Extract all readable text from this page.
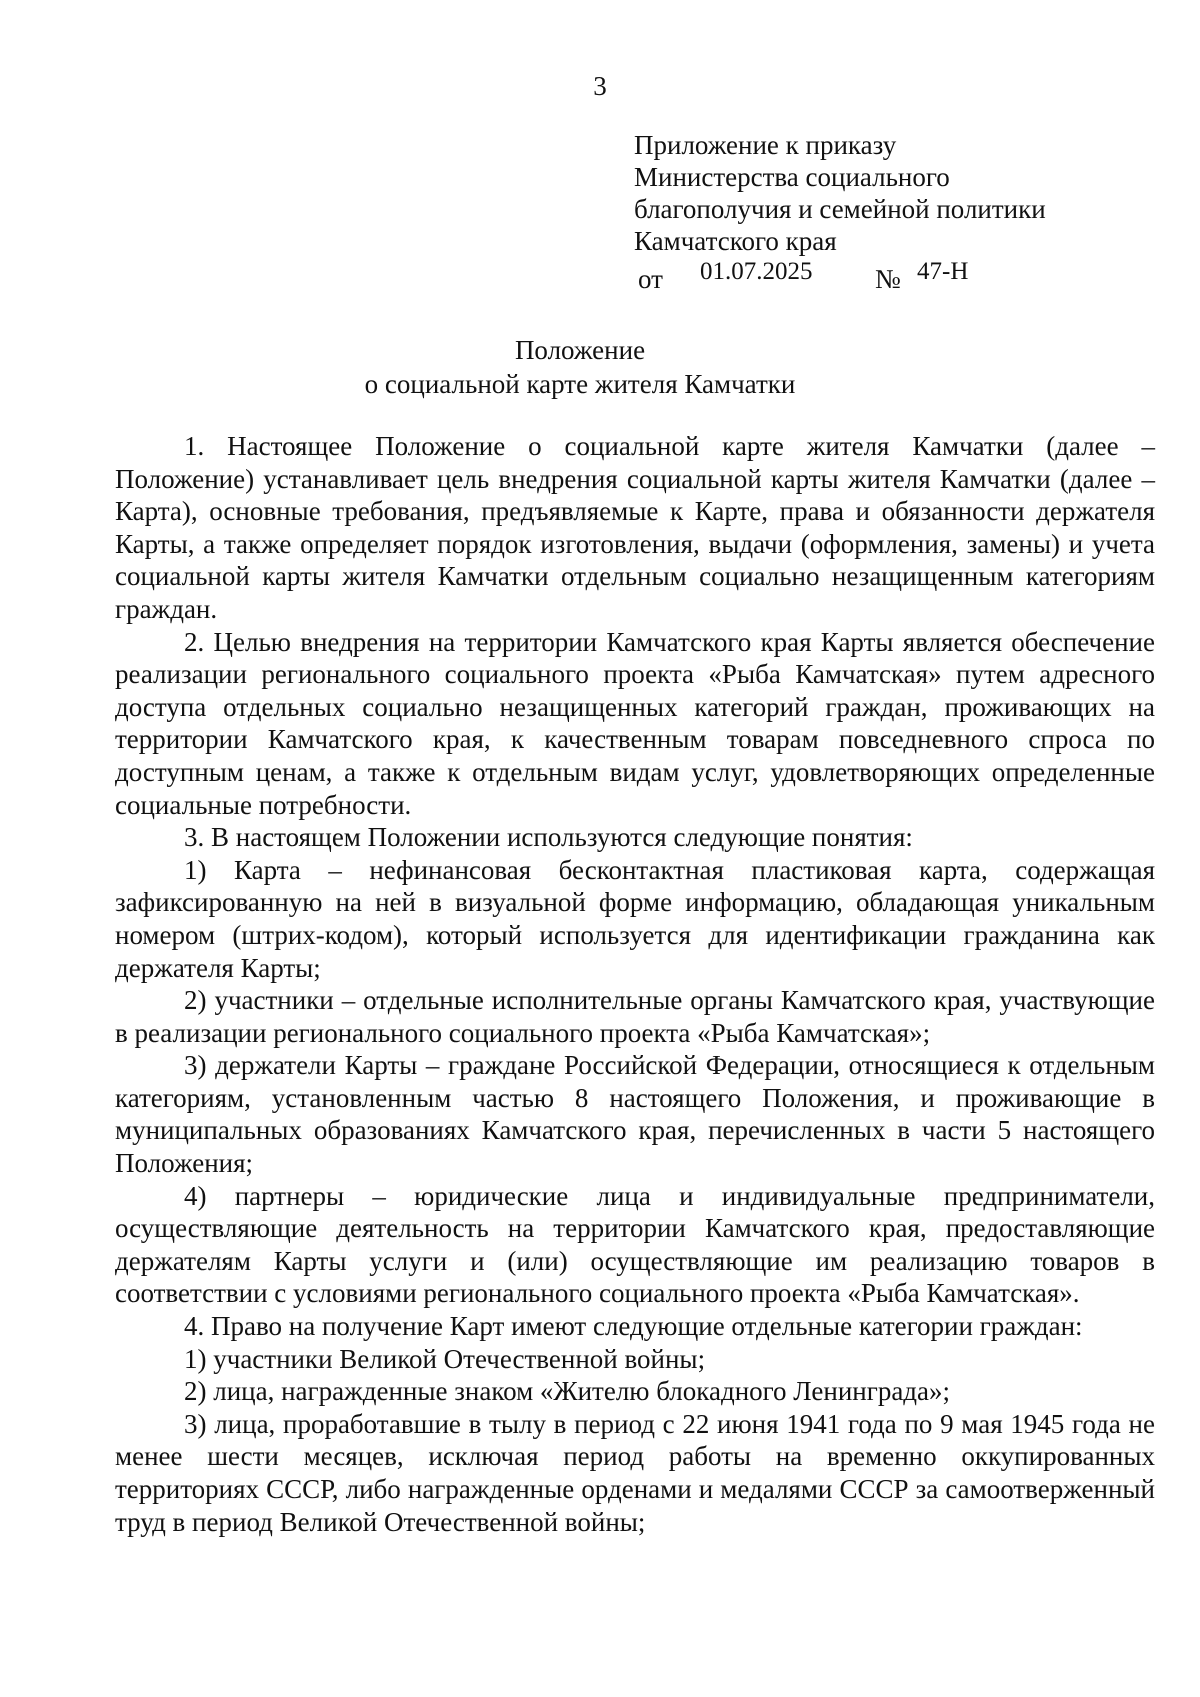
3
Приложение к приказу
Министерства социального
благополучия и семейной политики
Камчатского края
от 01.07.2025 № 47-Н
Положение
о социальной карте жителя Камчатки

1. Настоящее Положение о социальной карте жителя Камчатки (далее – Положение) устанавливает цель внедрения социальной карты жителя Камчатки (далее – Карта), основные требования, предъявляемые к Карте, права и обязанности держателя Карты, а также определяет порядок изготовления, выдачи (оформления, замены) и учета социальной карты жителя Камчатки отдельным социально незащищенным категориям граждан.

2. Целью внедрения на территории Камчатского края Карты является обеспечение реализации регионального социального проекта «Рыба Камчатская» путем адресного доступа отдельных социально незащищенных категорий граждан, проживающих на территории Камчатского края, к качественным товарам повседневного спроса по доступным ценам, а также к отдельным видам услуг, удовлетворяющих определенные социальные потребности.

3. В настоящем Положении используются следующие понятия:

1) Карта – нефинансовая бесконтактная пластиковая карта, содержащая зафиксированную на ней в визуальной форме информацию, обладающая уникальным номером (штрих-кодом), который используется для идентификации гражданина как держателя Карты;

2) участники – отдельные исполнительные органы Камчатского края, участвующие в реализации регионального социального проекта «Рыба Камчатская»;

3) держатели Карты – граждане Российской Федерации, относящиеся к отдельным категориям, установленным частью 8 настоящего Положения, и проживающие в муниципальных образованиях Камчатского края, перечисленных в части 5 настоящего Положения;

4) партнеры – юридические лица и индивидуальные предприниматели, осуществляющие деятельность на территории Камчатского края, предоставляющие держателям Карты услуги и (или) осуществляющие им реализацию товаров в соответствии с условиями регионального социального проекта «Рыба Камчатская».

4. Право на получение Карт имеют следующие отдельные категории граждан:

1) участники Великой Отечественной войны;

2) лица, награжденные знаком «Жителю блокадного Ленинграда»;

3) лица, проработавшие в тылу в период с 22 июня 1941 года по 9 мая 1945 года не менее шести месяцев, исключая период работы на временно оккупированных территориях СССР, либо награжденные орденами и медалями СССР за самоотверженный труд в период Великой Отечественной войны;
